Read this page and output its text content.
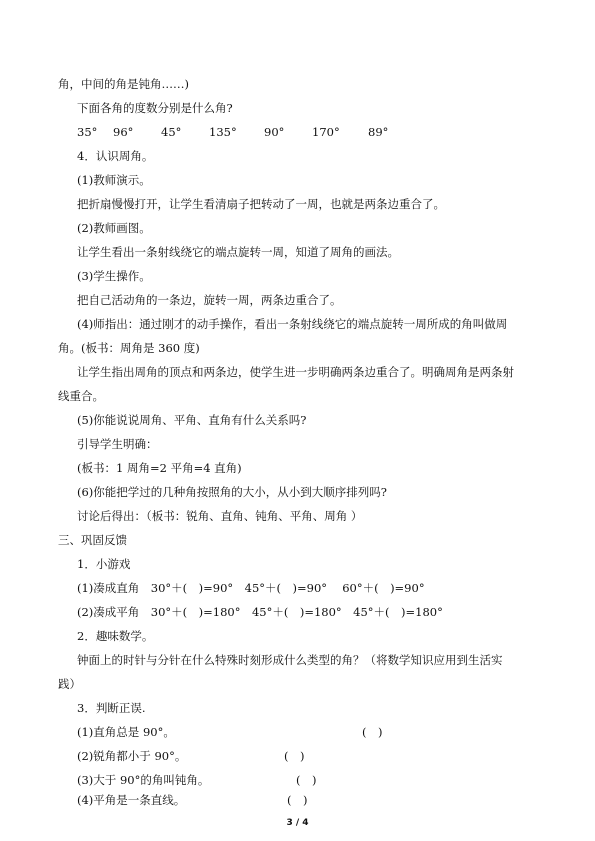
角，中间的角是钝角……)
下面各角的度数分别是什么角?
35° 96° 45° 135° 90° 170° 89°
4．认识周角。
(1)教师演示。
把折扇慢慢打开，让学生看清扇子把转动了一周，也就是两条边重合了。
(2)教师画图。
让学生看出一条射线绕它的端点旋转一周，知道了周角的画法。
(3)学生操作。
把自己活动角的一条边，旋转一周，两条边重合了。
(4)师指出：通过刚才的动手操作，看出一条射线绕它的端点旋转一周所成的角叫做周
角。(板书：周角是 360 度)
让学生指出周角的顶点和两条边，使学生进一步明确两条边重合了。明确周角是两条射
线重合。
(5)你能说说周角、平角、直角有什么关系吗?
引导学生明确：
(板书：1 周角=2 平角=4 直角)
(6)你能把学过的几种角按照角的大小，从小到大顺序排列吗?
讨论后得出：（板书：锐角、直角、钝角、平角、周角 ）
三、巩固反馈
1．小游戏
(1)凑成直角　30°＋(　)=90°　45°＋(　)=90°　 60°＋(　)=90°
(2)凑成平角　30°＋(　)=180°　45°＋(　)=180°　45°＋(　)=180°
2．趣味数学。
钟面上的时针与分针在什么特殊时刻形成什么类型的角？（将数学知识应用到生活实
践）
3．判断正误.
(1)直角总是 90°。	(　)
(2)锐角都小于 90°。	(　)
(3)大于 90°的角叫钝角。	(　)
(4)平角是一条直线。	(　)
3 / 4
